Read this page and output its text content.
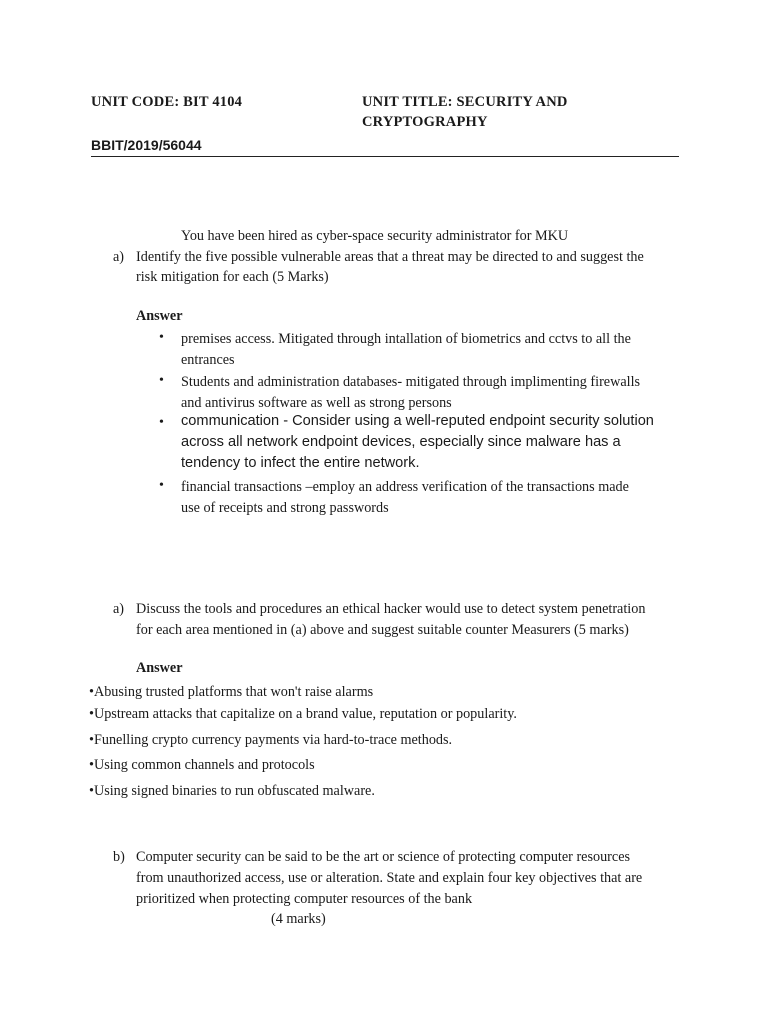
UNIT CODE: BIT 4104	UNIT TITLE: SECURITY AND
CRYPTOGRAPHY
BBIT/2019/56044
You have been hired as cyber-space security administrator for MKU
a) Identify the five possible vulnerable areas that a threat may be directed to and suggest the
risk mitigation for each (5 Marks)
Answer
• premises access. Mitigated through intallation of biometrics and cctvs to all the
entrances
• Students and administration databases- mitigated through implimenting firewalls
and antivirus software as well as strong persons
• communication - Consider using a well-reputed endpoint security solution
across all network endpoint devices, especially since malware has a
tendency to infect the entire network.
• financial transactions –employ an address verification of the transactions made
use of receipts and strong passwords
a) Discuss the tools and procedures an ethical hacker would use to detect system penetration
for each area mentioned in (a) above and suggest suitable counter Measurers (5 marks)
Answer
•Abusing trusted platforms that won't raise alarms
•Upstream attacks that capitalize on a brand value, reputation or popularity.
•Funelling crypto currency payments via hard-to-trace methods.
•Using common channels and protocols
•Using signed binaries to run obfuscated malware.
b) Computer security can be said to be the art or science of protecting computer resources
from unauthorized access, use or alteration. State and explain four key objectives that are
prioritized when protecting computer resources of the bank
(4 marks)
